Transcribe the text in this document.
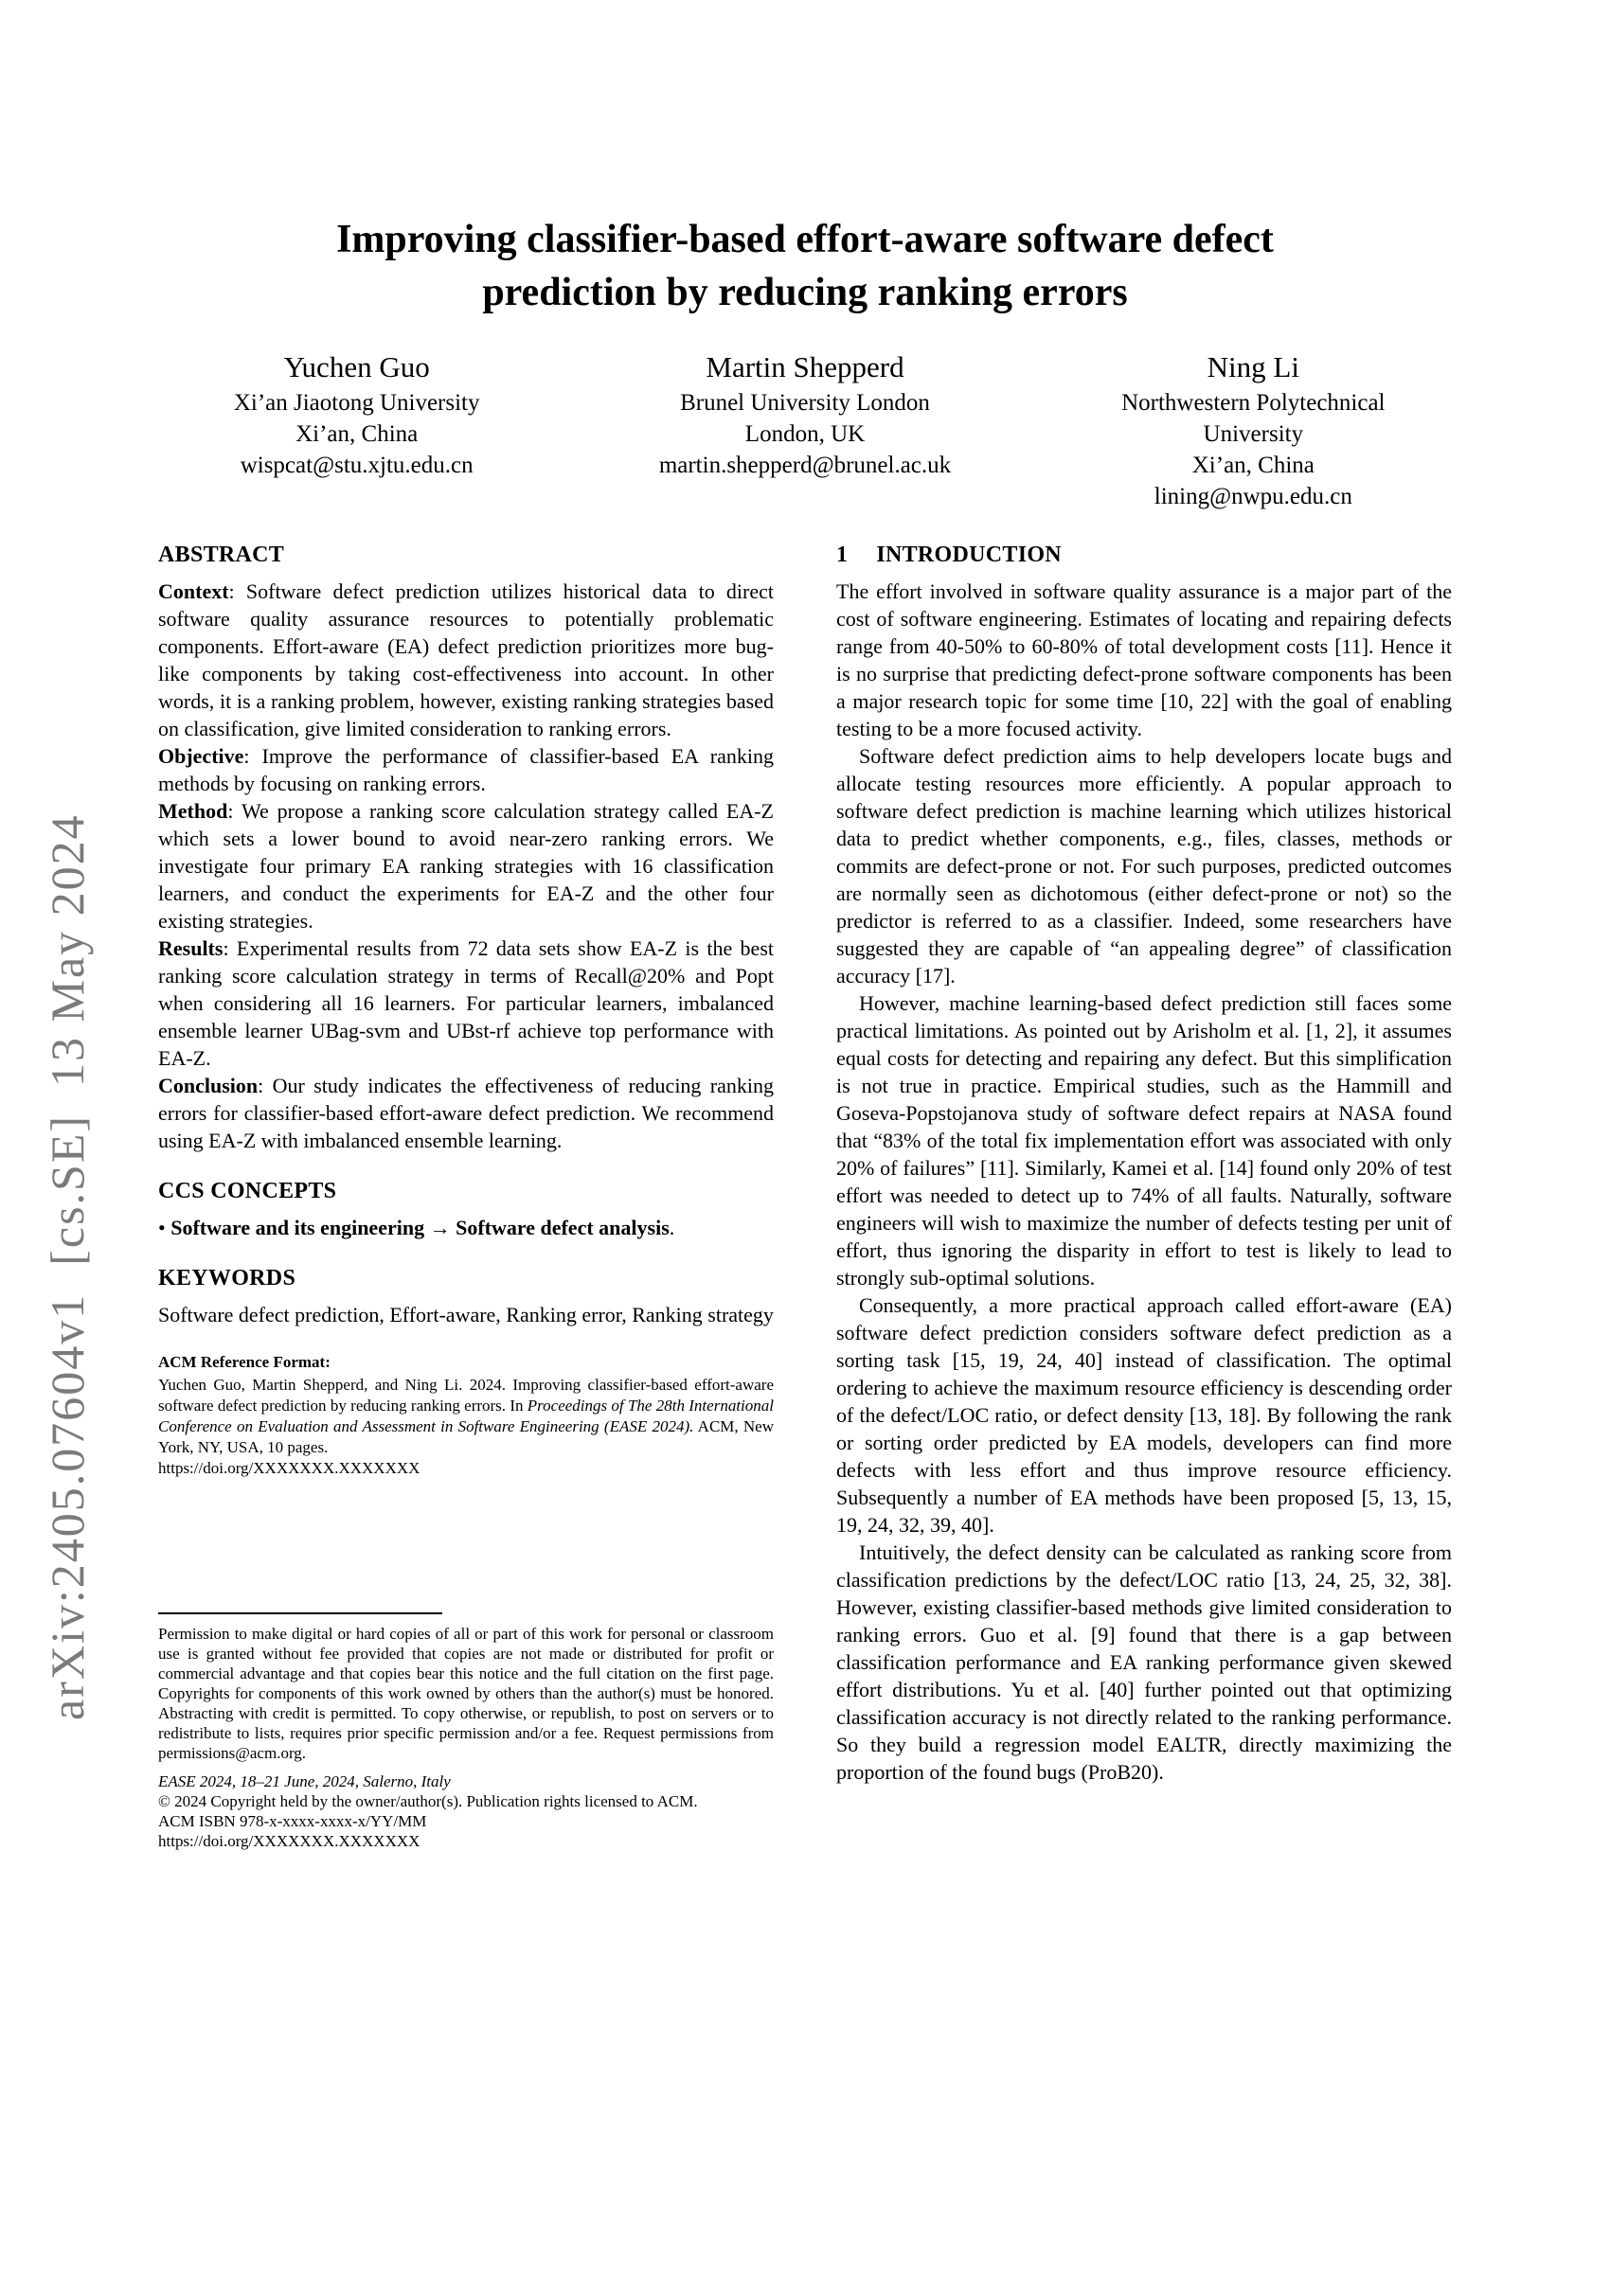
arXiv:2405.07604v1  [cs.SE]  13 May 2024
Improving classifier-based effort-aware software defect prediction by reducing ranking errors
Yuchen Guo
Xi’an Jiaotong University
Xi’an, China
wispcat@stu.xjtu.edu.cn
Martin Shepperd
Brunel University London
London, UK
martin.shepperd@brunel.ac.uk
Ning Li
Northwestern Polytechnical
University
Xi’an, China
lining@nwpu.edu.cn
ABSTRACT

Context: Software defect prediction utilizes historical data to direct software quality assurance resources to potentially problematic components. Effort-aware (EA) defect prediction prioritizes more bug-like components by taking cost-effectiveness into account. In other words, it is a ranking problem, however, existing ranking strategies based on classification, give limited consideration to ranking errors.

Objective: Improve the performance of classifier-based EA ranking methods by focusing on ranking errors.

Method: We propose a ranking score calculation strategy called EA-Z which sets a lower bound to avoid near-zero ranking errors. We investigate four primary EA ranking strategies with 16 classification learners, and conduct the experiments for EA-Z and the other four existing strategies.

Results: Experimental results from 72 data sets show EA-Z is the best ranking score calculation strategy in terms of Recall@20% and Popt when considering all 16 learners. For particular learners, imbalanced ensemble learner UBag-svm and UBst-rf achieve top performance with EA-Z.

Conclusion: Our study indicates the effectiveness of reducing ranking errors for classifier-based effort-aware defect prediction. We recommend using EA-Z with imbalanced ensemble learning.

CCS CONCEPTS

• Software and its engineering → Software defect analysis.

KEYWORDS

Software defect prediction, Effort-aware, Ranking error, Ranking strategy

ACM Reference Format:

Yuchen Guo, Martin Shepperd, and Ning Li. 2024. Improving classifier-based effort-aware software defect prediction by reducing ranking errors. In Proceedings of The 28th International Conference on Evaluation and Assessment in Software Engineering (EASE 2024). ACM, New York, NY, USA, 10 pages.
https://doi.org/XXXXXXX.XXXXXXX

Permission to make digital or hard copies of all or part of this work for personal or classroom use is granted without fee provided that copies are not made or distributed for profit or commercial advantage and that copies bear this notice and the full citation on the first page. Copyrights for components of this work owned by others than the author(s) must be honored. Abstracting with credit is permitted. To copy otherwise, or republish, to post on servers or to redistribute to lists, requires prior specific permission and/or a fee. Request permissions from permissions@acm.org.

EASE 2024, 18–21 June, 2024, Salerno, Italy

© 2024 Copyright held by the owner/author(s). Publication rights licensed to ACM.

ACM ISBN 978-x-xxxx-xxxx-x/YY/MM

https://doi.org/XXXXXXX.XXXXXXX

1 INTRODUCTION

The effort involved in software quality assurance is a major part of the cost of software engineering. Estimates of locating and repairing defects range from 40-50% to 60-80% of total development costs [11]. Hence it is no surprise that predicting defect-prone software components has been a major research topic for some time [10, 22] with the goal of enabling testing to be a more focused activity.

Software defect prediction aims to help developers locate bugs and allocate testing resources more efficiently. A popular approach to software defect prediction is machine learning which utilizes historical data to predict whether components, e.g., files, classes, methods or commits are defect-prone or not. For such purposes, predicted outcomes are normally seen as dichotomous (either defect-prone or not) so the predictor is referred to as a classifier. Indeed, some researchers have suggested they are capable of “an appealing degree” of classification accuracy [17].

However, machine learning-based defect prediction still faces some practical limitations. As pointed out by Arisholm et al. [1, 2], it assumes equal costs for detecting and repairing any defect. But this simplification is not true in practice. Empirical studies, such as the Hammill and Goseva-Popstojanova study of software defect repairs at NASA found that “83% of the total fix implementation effort was associated with only 20% of failures” [11]. Similarly, Kamei et al. [14] found only 20% of test effort was needed to detect up to 74% of all faults. Naturally, software engineers will wish to maximize the number of defects testing per unit of effort, thus ignoring the disparity in effort to test is likely to lead to strongly sub-optimal solutions.

Consequently, a more practical approach called effort-aware (EA) software defect prediction considers software defect prediction as a sorting task [15, 19, 24, 40] instead of classification. The optimal ordering to achieve the maximum resource efficiency is descending order of the defect/LOC ratio, or defect density [13, 18]. By following the rank or sorting order predicted by EA models, developers can find more defects with less effort and thus improve resource efficiency. Subsequently a number of EA methods have been proposed [5, 13, 15, 19, 24, 32, 39, 40].

Intuitively, the defect density can be calculated as ranking score from classification predictions by the defect/LOC ratio [13, 24, 25, 32, 38]. However, existing classifier-based methods give limited consideration to ranking errors. Guo et al. [9] found that there is a gap between classification performance and EA ranking performance given skewed effort distributions. Yu et al. [40] further pointed out that optimizing classification accuracy is not directly related to the ranking performance. So they build a regression model EALTR, directly maximizing the proportion of the found bugs (ProB20).
